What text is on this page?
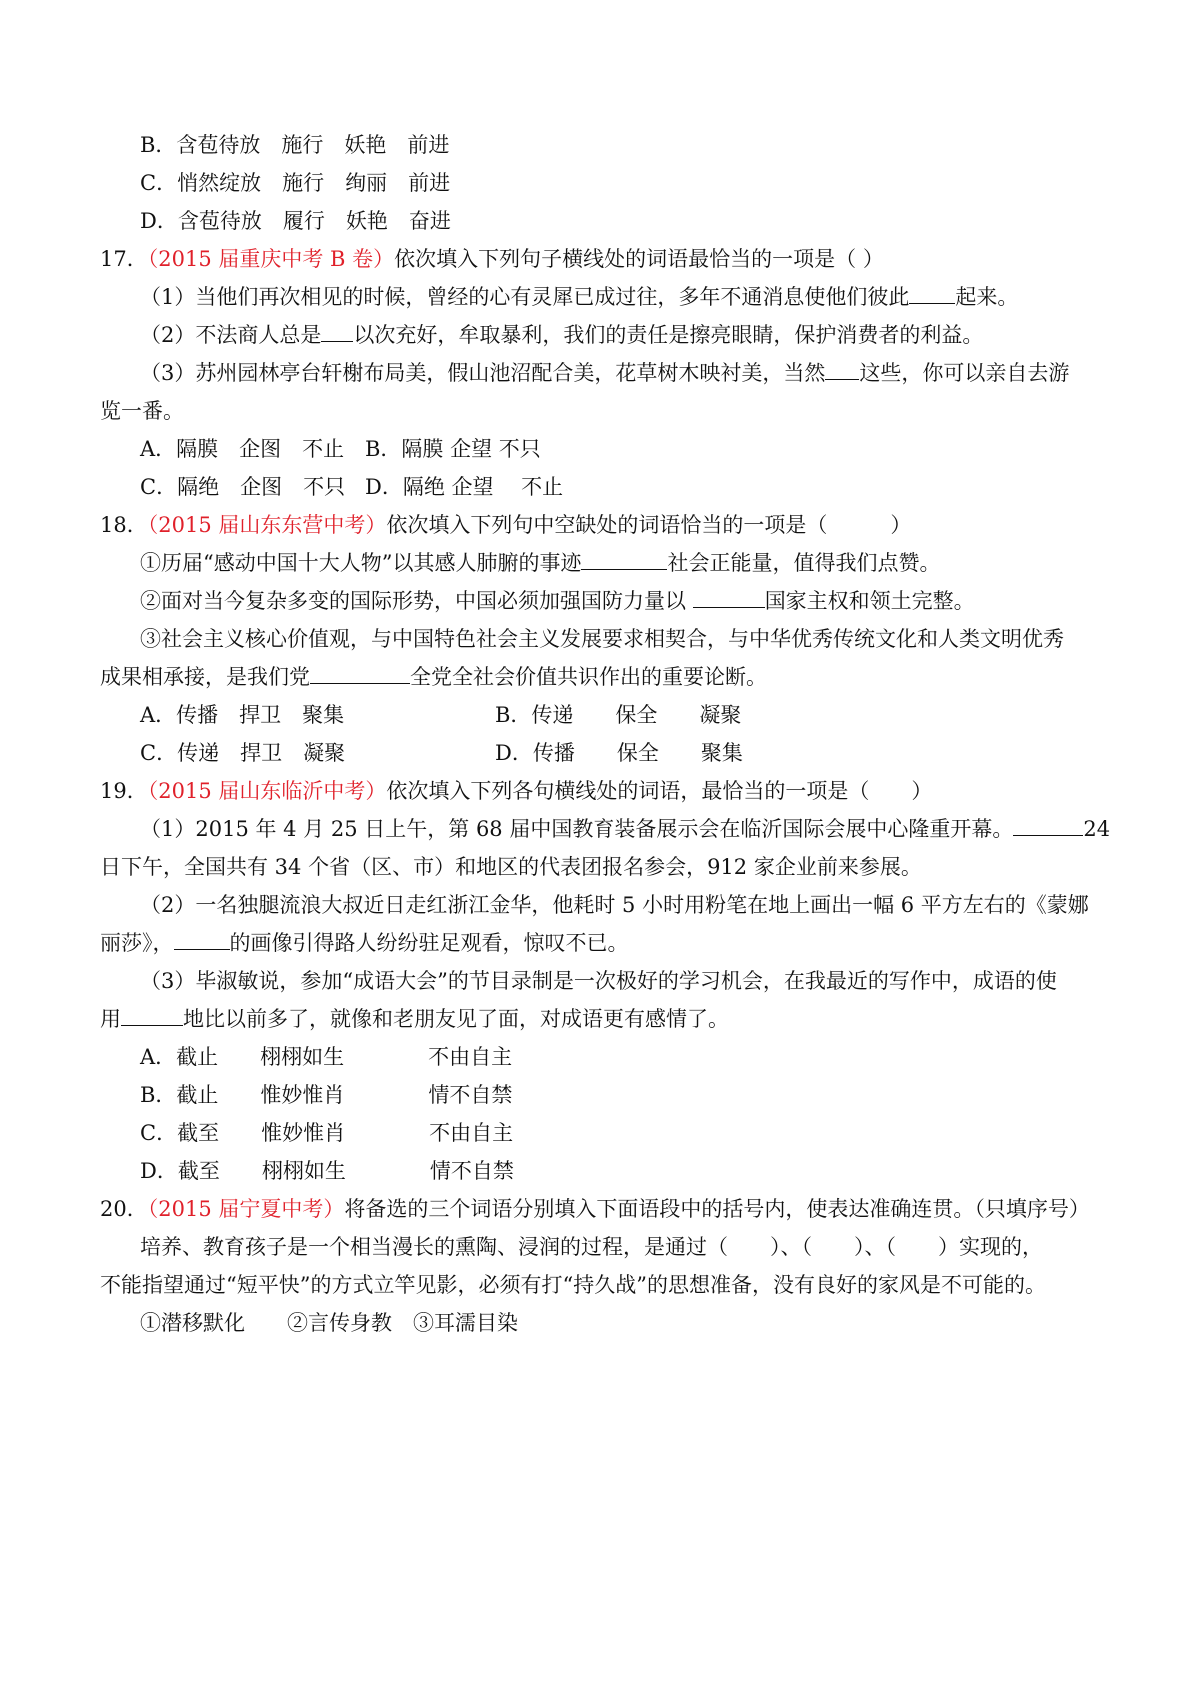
B．含苞待放　施行　妖艳　前进
C．悄然绽放　施行　绚丽　前进
D．含苞待放　履行　妖艳　奋进
17．（2015 届重庆中考 B 卷）依次填入下列句子横线处的词语最恰当的一项是（ ）
（1）当他们再次相见的时候，曾经的心有灵犀已成过往，多年不通消息使他们彼此 起来。
（2）不法商人总是 以次充好，牟取暴利，我们的责任是擦亮眼睛，保护消费者的利益。
（3）苏州园林亭台轩榭布局美，假山池沼配合美，花草树木映衬美，当然 这些，你可以亲自去游
览一番。
A．隔膜　企图　不止 B．隔膜 企望 不只
C．隔绝　企图　不只 D．隔绝 企望　 不止
18．（2015 届山东东营中考）依次填入下列句中空缺处的词语恰当的一项是（　　　）
①历届“感动中国十大人物”以其感人肺腑的事迹	社会正能量，值得我们点赞。
②面对当今复杂多变的国际形势，中国必须加强国防力量以	国家主权和领土完整。
③社会主义核心价值观，与中国特色社会主义发展要求相契合，与中华优秀传统文化和人类文明优秀
成果相承接，是我们党	全党全社会价值共识作出的重要论断。
A．传播　捍卫　聚集	B．传递　　保全　　凝聚
C．传递　捍卫　凝聚	D．传播　　保全　　聚集
19．（2015 届山东临沂中考）依次填入下列各句横线处的词语，最恰当的一项是（　　）
（1）2015 年 4 月 25 日上午，第 68 届中国教育装备展示会在临沂国际会展中心隆重开幕。	24
日下午，全国共有 34 个省（区、市）和地区的代表团报名参会，912 家企业前来参展。
（2）一名独腿流浪大叔近日走红浙江金华，他耗时 5 小时用粉笔在地上画出一幅 6 平方左右的《蒙娜
丽莎》，	的画像引得路人纷纷驻足观看，惊叹不已。
（3）毕淑敏说，参加“成语大会”的节目录制是一次极好的学习机会，在我最近的写作中，成语的使
用	地比以前多了，就像和老朋友见了面，对成语更有感情了。
A．截止　　栩栩如生　　　　不由自主
B．截止　　惟妙惟肖　　　　情不自禁
C．截至　　惟妙惟肖　　　　不由自主
D．截至　　栩栩如生　　　　情不自禁
20．（2015 届宁夏中考）将备选的三个词语分别填入下面语段中的括号内，使表达准确连贯。（只填序号）
培养、教育孩子是一个相当漫长的熏陶、浸润的过程，是通过（　　）、（　　）、（　　）实现的，
不能指望通过“短平快”的方式立竿见影，必须有打“持久战”的思想准备，没有良好的家风是不可能的。
①潜移默化　　②言传身教　③耳濡目染
